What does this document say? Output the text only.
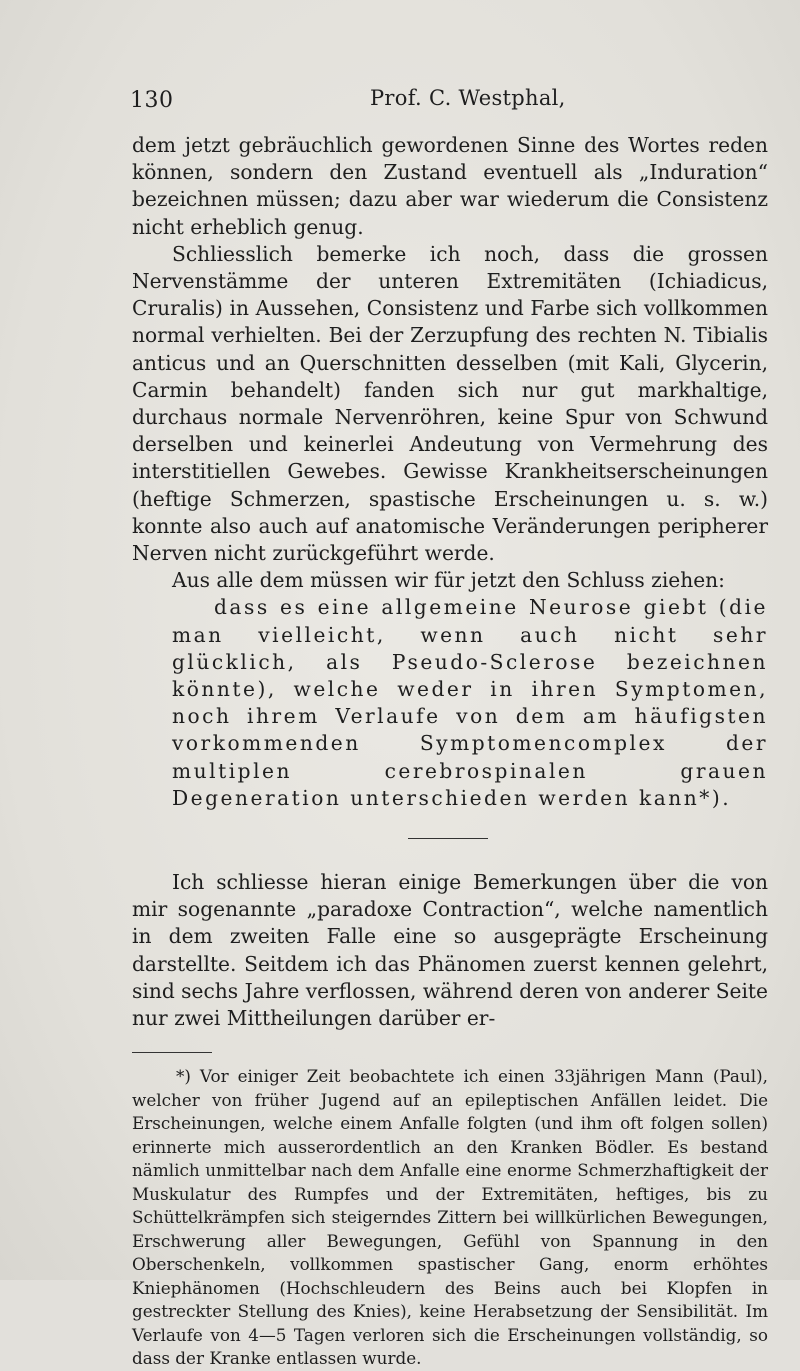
130	Prof. C. Westphal,

dem jetzt gebräuchlich gewordenen Sinne des Wortes reden können, sondern den Zustand eventuell als „Induration“ bezeichnen müssen; dazu aber war wiederum die Consistenz nicht erheblich genug.

Schliesslich bemerke ich noch, dass die grossen Nervenstämme der unteren Extremitäten (Ichiadicus, Cruralis) in Aussehen, Consistenz und Farbe sich vollkommen normal verhielten. Bei der Zerzupfung des rechten N. Tibialis anticus und an Querschnitten desselben (mit Kali, Glycerin, Carmin behandelt) fanden sich nur gut markhaltige, durchaus normale Nervenröhren, keine Spur von Schwund derselben und keinerlei Andeutung von Vermehrung des interstitiellen Gewebes. Gewisse Krankheitserscheinungen (heftige Schmerzen, spastische Erscheinungen u. s. w.) konnte also auch auf anatomische Veränderungen peripherer Nerven nicht zurückgeführt werde.

Aus alle dem müssen wir für jetzt den Schluss ziehen:

dass es eine allgemeine Neurose giebt (die man vielleicht, wenn auch nicht sehr glücklich, als Pseudo-Sclerose bezeichnen könnte), welche weder in ihren Symptomen, noch ihrem Verlaufe von dem am häufigsten vorkommenden Symptomencomplex der multiplen cerebrospinalen grauen Degeneration unterschieden werden kann*).

Ich schliesse hieran einige Bemerkungen über die von mir sogenannte „paradoxe Contraction“, welche namentlich in dem zweiten Falle eine so ausgeprägte Erscheinung darstellte. Seitdem ich das Phänomen zuerst kennen gelehrt, sind sechs Jahre verflossen, während deren von anderer Seite nur zwei Mittheilungen darüber er-

*) Vor einiger Zeit beobachtete ich einen 33jährigen Mann (Paul), welcher von früher Jugend auf an epileptischen Anfällen leidet. Die Erscheinungen, welche einem Anfalle folgten (und ihm oft folgen sollen) erinnerte mich ausserordentlich an den Kranken Bödler. Es bestand nämlich unmittelbar nach dem Anfalle eine enorme Schmerzhaftigkeit der Muskulatur des Rumpfes und der Extremitäten, heftiges, bis zu Schüttelkrämpfen sich steigerndes Zittern bei willkürlichen Bewegungen, Erschwerung aller Bewegungen, Gefühl von Spannung in den Oberschenkeln, vollkommen spastischer Gang, enorm erhöhtes Kniephänomen (Hochschleudern des Beins auch bei Klopfen in gestreckter Stellung des Knies), keine Herabsetzung der Sensibilität. Im Verlaufe von 4—5 Tagen verloren sich die Erscheinungen vollständig, so dass der Kranke entlassen wurde.
